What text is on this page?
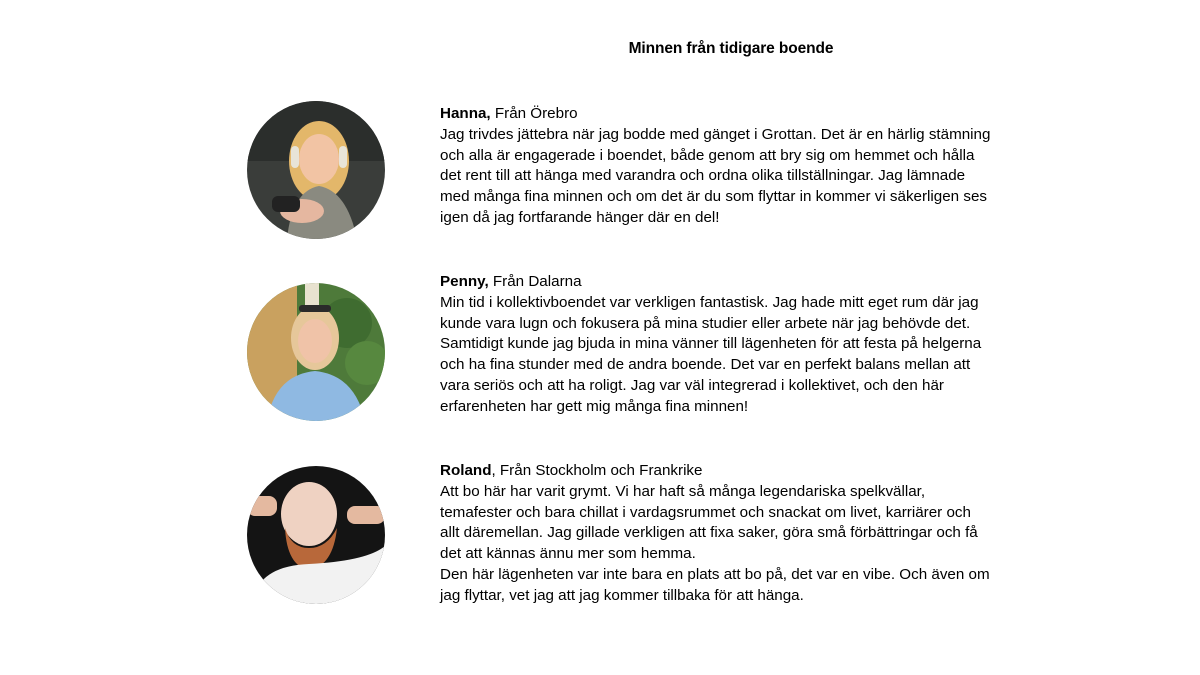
Minnen från tidigare boende

Hanna, Från Örebro

Jag trivdes jättebra när jag bodde med gänget i Grottan. Det är en härlig stämning

och alla är engagerade i boendet, både genom att bry sig om hemmet och hålla

det rent till att hänga med varandra och ordna olika tillställningar. Jag lämnade

med många fina minnen och om det är du som flyttar in kommer vi säkerligen ses

igen då jag fortfarande hänger där en del!

Penny, Från Dalarna

Min tid i kollektivboendet var verkligen fantastisk. Jag hade mitt eget rum där jag

kunde vara lugn och fokusera på mina studier eller arbete när jag behövde det.

Samtidigt kunde jag bjuda in mina vänner till lägenheten för att festa på helgerna

och ha fina stunder med de andra boende. Det var en perfekt balans mellan att

vara seriös och att ha roligt. Jag var väl integrerad i kollektivet, och den här

erfarenheten har gett mig många fina minnen!

Roland, Från Stockholm och Frankrike

Att bo här har varit grymt. Vi har haft så många legendariska spelkvällar,

temafester och bara chillat i vardagsrummet och snackat om livet, karriärer och

allt däremellan. Jag gillade verkligen att fixa saker, göra små förbättringar och få

det att kännas ännu mer som hemma.

Den här lägenheten var inte bara en plats att bo på, det var en vibe. Och även om

jag flyttar, vet jag att jag kommer tillbaka för att hänga.
